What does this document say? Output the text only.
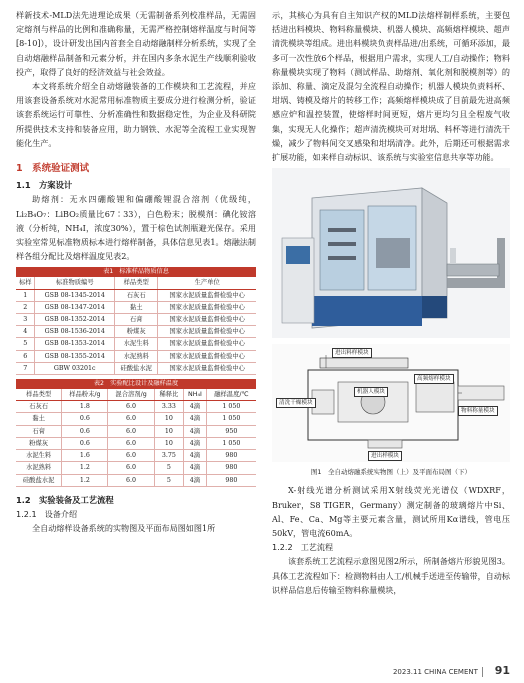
样新技术-MLD法先进理论成果（无需制备系列校准样品，无需固定熔剂与样品的比例和准确称量，无需严格控制熔样温度与时间等[8-10]），设计研发出国内首套全自动熔融制样分析系统，实现了全自动熔融样品制备和元素分析，并在国内多条水泥生产线顺利验收投产，取得了良好的经济效益与社会效益。

本文将系统介绍全自动熔融装备的工作模块和工艺流程，并应用该套设备系统对水泥常用标准物质主要成分进行检测分析，验证该套系统运行可靠性、分析准确性和数据稳定性，为企业及科研院所提供技术支持和装备应用，助力钢铁、水泥等全流程工业实现智能化生产。

1　系统验证测试
1.1　方案设计

助熔剂：无水四硼酸锂和偏硼酸锂混合溶剂（优级纯，Li₂B₄O₇：LiBO₂质量比67∶33），白色粉末；脱模剂：碘化铵溶液（分析纯，NH₄I，浓度30%），置于棕色试剂瓶避光保存。采用实验室常见标准物质标本进行熔样制备，具体信息见表1。熔融法制样各组分配比及熔样温度见表2。

表1　标准样品物质信息
标样	标准物质编号	样品类型	生产单位
1	GSB 08-1345-2014	石灰石	国家水泥质量监督检验中心
2	GSB 08-1347-2014	黏土	国家水泥质量监督检验中心
3	GSB 08-1352-2014	石膏	国家水泥质量监督检验中心
4	GSB 08-1536-2014	粉煤灰	国家水泥质量监督检验中心
5	GSB 08-1353-2014	水泥生料	国家水泥质量监督检验中心
6	GSB 08-1355-2014	水泥熟料	国家水泥质量监督检验中心
7	GBW 03201c	硅酸盐水泥	国家水泥质量监督检验中心
表2　实验配比设计及融样温度
样品类型	样品粉末/g	混合溶剂/g	稀释比	NH₄I	融样温度/℃
石灰石	1.8	6.0	3.33	4滴	1 050
黏土	0.6	6.0	10	4滴	1 050
石膏	0.6	6.0	10	4滴	950
粉煤灰	0.6	6.0	10	4滴	1 050
水泥生料	1.6	6.0	3.75	4滴	980
水泥熟料	1.2	6.0	5	4滴	980
硅酸盐水泥	1.2	6.0	5	4滴	980
1.2　实验装备及工艺流程
1.2.1　设备介绍

全自动熔样设备系统的实物图及平面布局图如图1所

示，其核心为具有自主知识产权的MLD法熔样制样系统，主要包括进出料模块、物料称量模块、机器人模块、高频熔样模块、超声清洗模块等组成。进出料模块负责样品进/出系统，可循环添加，最多可一次性放6个样品，根据用户需求，实现人工/自动操作；物料称量模块实现了物料（测试样品、助熔剂、氧化剂和脱模剂等）的添加、称量、滴定及混匀全流程自动操作；机器人模块负责料杯、坩埚、铸模及熔片的转移工作；高频熔样模块成了目前最先进高频感应炉和温控装置，使熔样时间更短，熔片更均匀且全程废气收集，实现无人化操作；超声清洗模块可对坩埚、料杯等进行清洗干燥，减少了物料间交叉感染和坩埚清净。此外，后期还可根据需求扩展功能，如来样自动标识、该系统与实验室信息共享等功能。

进出料样模块
机器人模块
高频熔样模块
清洗干燥模块
物料称量模块
进出样模块
图1　全自动熔融系统实物图（上）及平面布局图（下）

X-射线光谱分析测试采用X射线荧光光谱仪（WDXRF，Bruker，S8 TIGER，Germany）测定制备的玻璃熔片中Si、Al、Fe、Ca、Mg等主要元素含量，测试所用Kα谱线，管电压50kV，管电流60mA。

1.2.2　工艺流程

该套系统工艺流程示意图见图2所示，所制备熔片形貌见图3。具体工艺流程如下：检测物料由人工/机械手送进至传输带，自动标识样品信息后传输至物料称量模块，

2023.11 CHINA CEMENT 91
